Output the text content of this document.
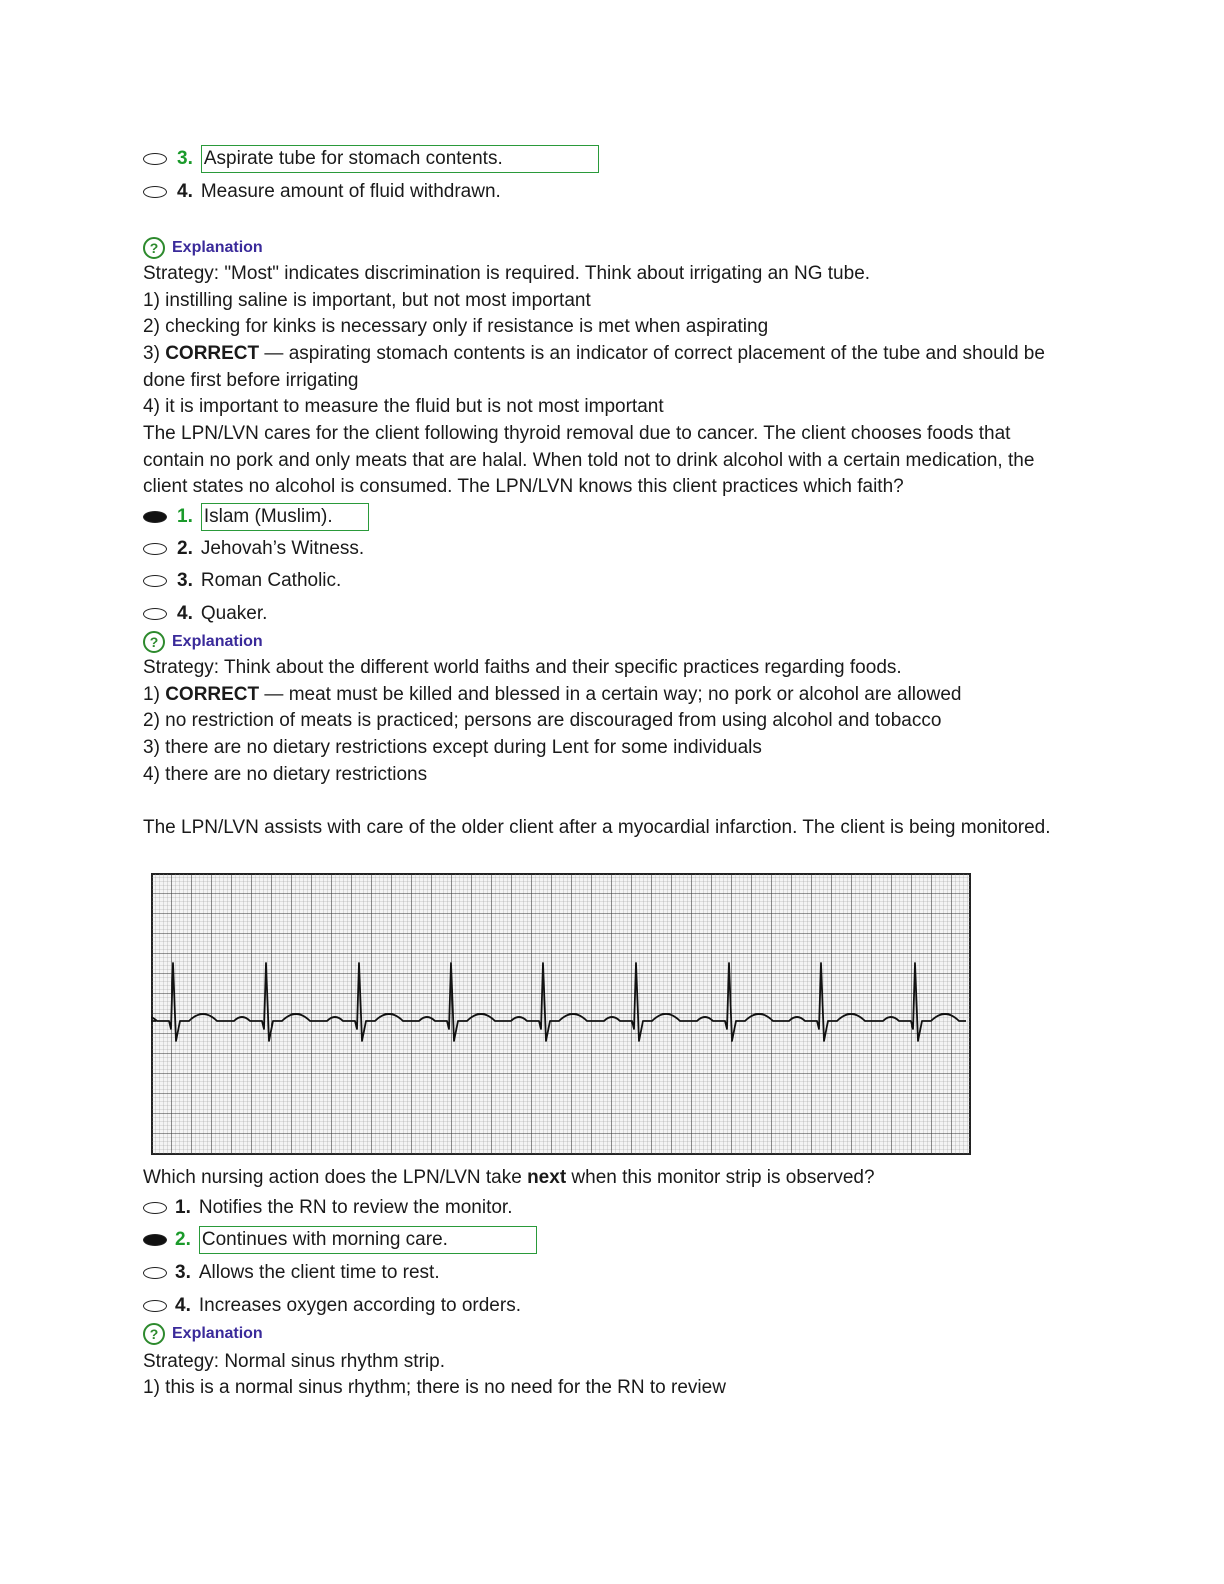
3. Aspirate tube for stomach contents.
4. Measure amount of fluid withdrawn.
? Explanation
Strategy: "Most" indicates discrimination is required. Think about irrigating an NG tube.
1) instilling saline is important, but not most important
2) checking for kinks is necessary only if resistance is met when aspirating
3) CORRECT — aspirating stomach contents is an indicator of correct placement of the tube and should be done first before irrigating
4) it is important to measure the fluid but is not most important
The LPN/LVN cares for the client following thyroid removal due to cancer. The client chooses foods that contain no pork and only meats that are halal. When told not to drink alcohol with a certain medication, the client states no alcohol is consumed. The LPN/LVN knows this client practices which faith?
1. Islam (Muslim).
2. Jehovah’s Witness.
3. Roman Catholic.
4. Quaker.
? Explanation
Strategy: Think about the different world faiths and their specific practices regarding foods.
1) CORRECT — meat must be killed and blessed in a certain way; no pork or alcohol are allowed
2) no restriction of meats is practiced; persons are discouraged from using alcohol and tobacco
3) there are no dietary restrictions except during Lent for some individuals
4) there are no dietary restrictions
The LPN/LVN assists with care of the older client after a myocardial infarction. The client is being monitored.
Which nursing action does the LPN/LVN take next when this monitor strip is observed?
1. Notifies the RN to review the monitor.
2. Continues with morning care.
3. Allows the client time to rest.
4. Increases oxygen according to orders.
? Explanation
Strategy: Normal sinus rhythm strip.
1) this is a normal sinus rhythm; there is no need for the RN to review
